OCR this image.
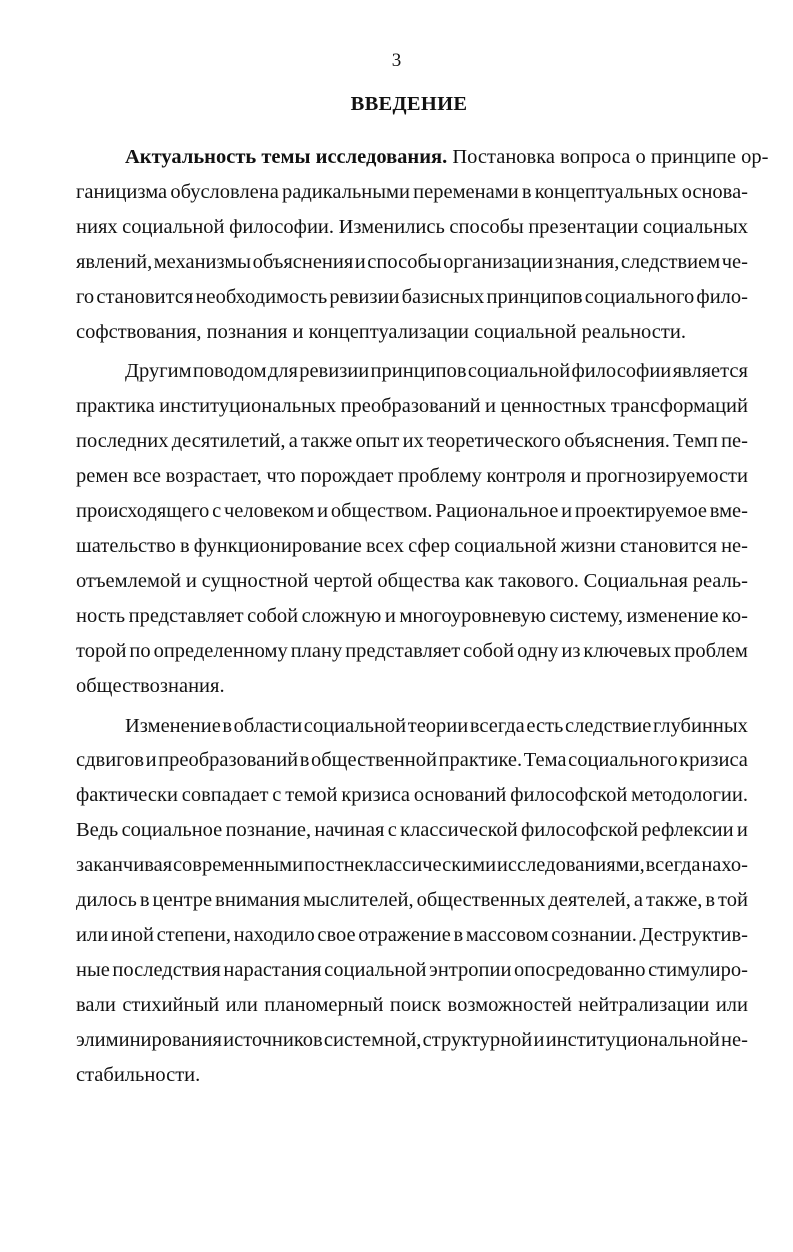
3
ВВЕДЕНИЕ
Актуальность темы исследования. Постановка вопроса о принципе ор-
ганицизма обусловлена радикальными переменами в концептуальных основа-
ниях социальной философии. Изменились способы презентации социальных
явлений, механизмы объяснения и способы организации знания, следствием че-
го становится необходимость ревизии базисных принципов социального фило-
софствования, познания и концептуализации социальной реальности.
Другим поводом для ревизии принципов социальной философии является
практика институциональных преобразований и ценностных трансформаций
последних десятилетий, а также опыт их теоретического объяснения. Темп пе-
ремен все возрастает, что порождает проблему контроля и прогнозируемости
происходящего с человеком и обществом. Рациональное и проектируемое вме-
шательство в функционирование всех сфер социальной жизни становится не-
отъемлемой и сущностной чертой общества как такового. Социальная реаль-
ность представляет собой сложную и многоуровневую систему, изменение ко-
торой по определенному плану представляет собой одну из ключевых проблем
обществознания.
Изменение в области социальной теории всегда есть следствие глубинных
сдвигов и преобразований в общественной практике. Тема социального кризиса
фактически совпадает с темой кризиса оснований философской методологии.
Ведь социальное познание, начиная с классической философской рефлексии и
заканчивая современными постнеклассическими исследованиями, всегда нахо-
дилось в центре внимания мыслителей, общественных деятелей, а также, в той
или иной степени, находило свое отражение в массовом сознании. Деструктив-
ные последствия нарастания социальной энтропии опосредованно стимулиро-
вали стихийный или планомерный поиск возможностей нейтрализации или
элиминирования источников системной, структурной и институциональной не-
стабильности.
